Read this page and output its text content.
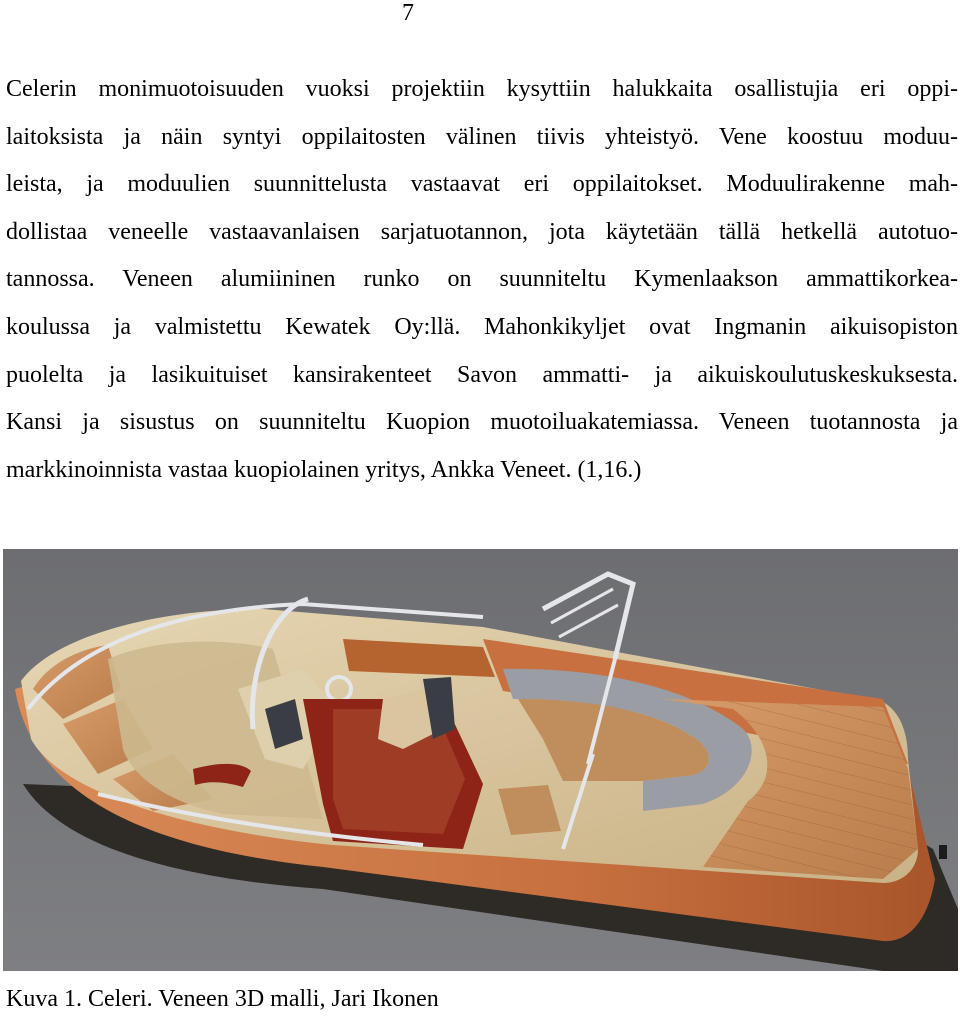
7
Celerin monimuotoisuuden vuoksi projektiin kysyttiin halukkaita osallistujia eri oppi-
laitoksista ja näin syntyi oppilaitosten välinen tiivis yhteistyö. Vene koostuu moduu-
leista, ja moduulien suunnittelusta vastaavat eri oppilaitokset. Moduulirakenne mah-
dollistaa veneelle vastaavanlaisen sarjatuotannon, jota käytetään tällä hetkellä autotuo-
tannossa. Veneen alumiininen runko on suunniteltu Kymenlaakson ammattikorkea-
koulussa ja valmistettu Kewatek Oy:llä. Mahonkikyljet ovat Ingmanin aikuisopiston
puolelta ja lasikuituiset kansirakenteet Savon ammatti- ja aikuiskoulutuskeskuksesta.
Kansi ja sisustus on suunniteltu Kuopion muotoiluakatemiassa. Veneen tuotannosta ja
markkinoinnista vastaa kuopiolainen yritys, Ankka Veneet. (1,16.)
Kuva 1. Celeri. Veneen 3D malli, Jari Ikonen
